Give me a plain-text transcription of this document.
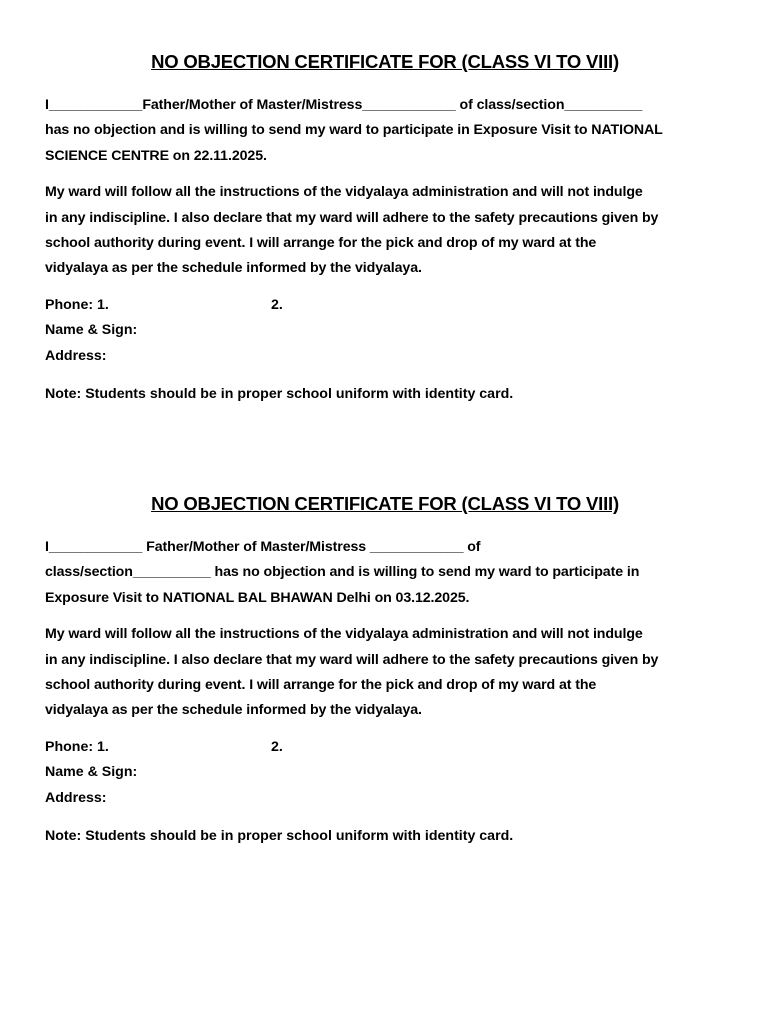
NO OBJECTION CERTIFICATE FOR (CLASS VI TO VIII)
I____________Father/Mother of Master/Mistress____________ of class/section__________
has no objection and is willing to send my ward to participate in Exposure Visit to NATIONAL
SCIENCE CENTRE on 22.11.2025.
My ward will follow all the instructions of the vidyalaya administration and will not indulge
in any indiscipline. I also declare that my ward will adhere to the safety precautions given by
school authority during event. I will arrange for the pick and drop of my ward at the
vidyalaya as per the schedule informed by the vidyalaya.
Phone: 1.	2.
Name & Sign:
Address:
Note: Students should be in proper school uniform with identity card.
NO OBJECTION CERTIFICATE FOR (CLASS VI TO VIII)
I____________ Father/Mother of Master/Mistress ____________ of
class/section__________ has no objection and is willing to send my ward to participate in
Exposure Visit to NATIONAL BAL BHAWAN Delhi on 03.12.2025.
My ward will follow all the instructions of the vidyalaya administration and will not indulge
in any indiscipline. I also declare that my ward will adhere to the safety precautions given by
school authority during event. I will arrange for the pick and drop of my ward at the
vidyalaya as per the schedule informed by the vidyalaya.
Phone: 1.	2.
Name & Sign:
Address:
Note: Students should be in proper school uniform with identity card.
